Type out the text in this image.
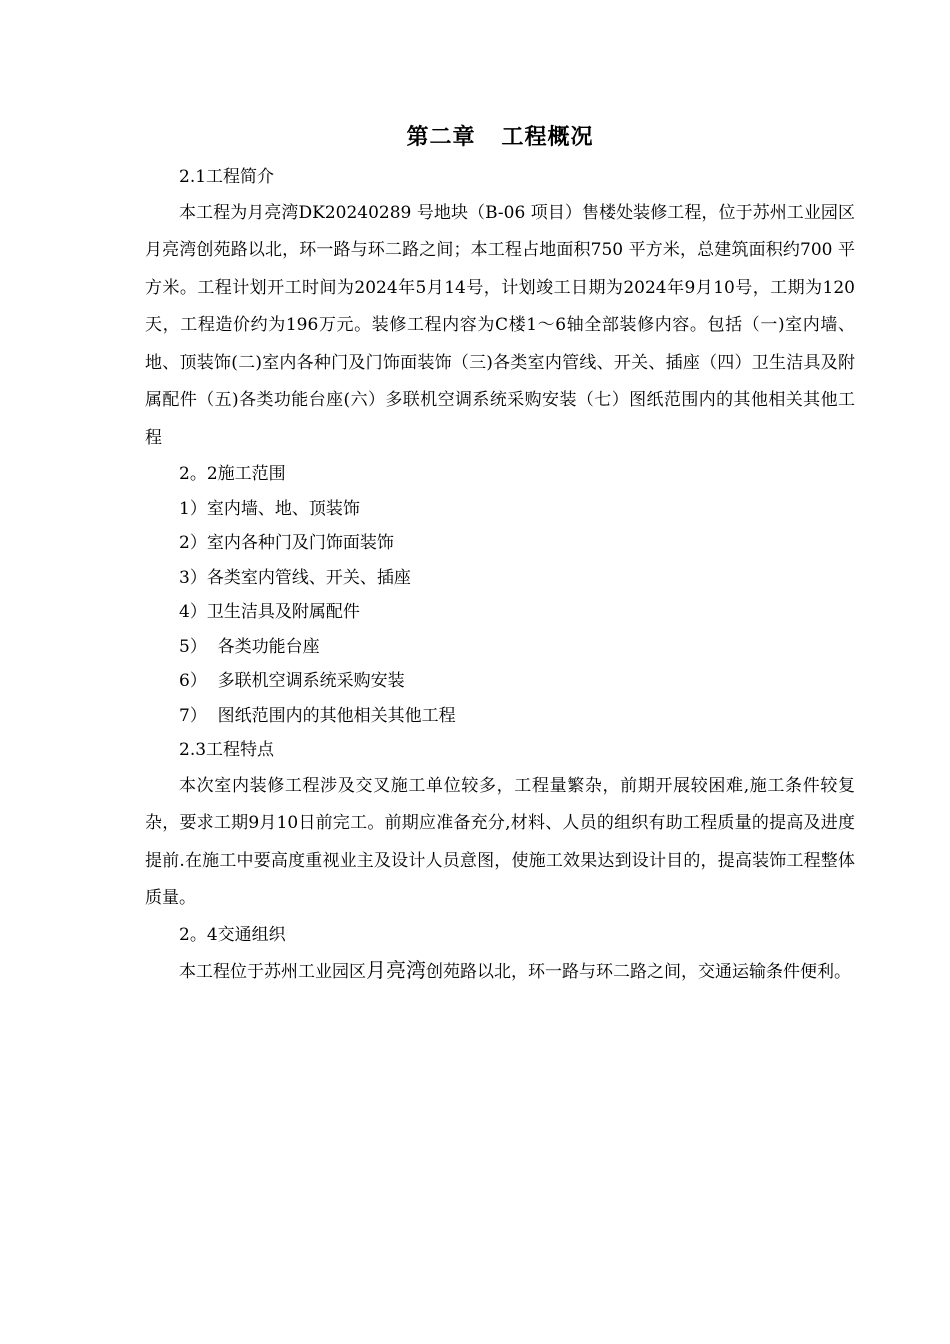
第二章   工程概况

2.1工程简介

本工程为月亮湾DK20240289 号地块（B-06 项目）售楼处装修工程，位于苏州工业园区月亮湾创苑路以北，环一路与环二路之间；本工程占地面积750 平方米，总建筑面积约700 平方米。工程计划开工时间为2024年5月14号，计划竣工日期为2024年9月10号，工期为120天，工程造价约为196万元。装修工程内容为C楼1～6轴全部装修内容。包括（一)室内墙、地、顶装饰(二)室内各种门及门饰面装饰（三)各类室内管线、开关、插座（四）卫生洁具及附属配件（五)各类功能台座(六）多联机空调系统采购安装（七）图纸范围内的其他相关其他工程

2。2施工范围

1）室内墙、地、顶装饰

2）室内各种门及门饰面装饰

3）各类室内管线、开关、插座

4）卫生洁具及附属配件

5）  各类功能台座

6）  多联机空调系统采购安装

7）  图纸范围内的其他相关其他工程

2.3工程特点

本次室内装修工程涉及交叉施工单位较多，工程量繁杂，前期开展较困难,施工条件较复杂，要求工期9月10日前完工。前期应准备充分,材料、人员的组织有助工程质量的提高及进度提前.在施工中要高度重视业主及设计人员意图，使施工效果达到设计目的，提高装饰工程整体质量。

2。4交通组织

本工程位于苏州工业园区月亮湾创苑路以北，环一路与环二路之间，交通运输条件便利。
